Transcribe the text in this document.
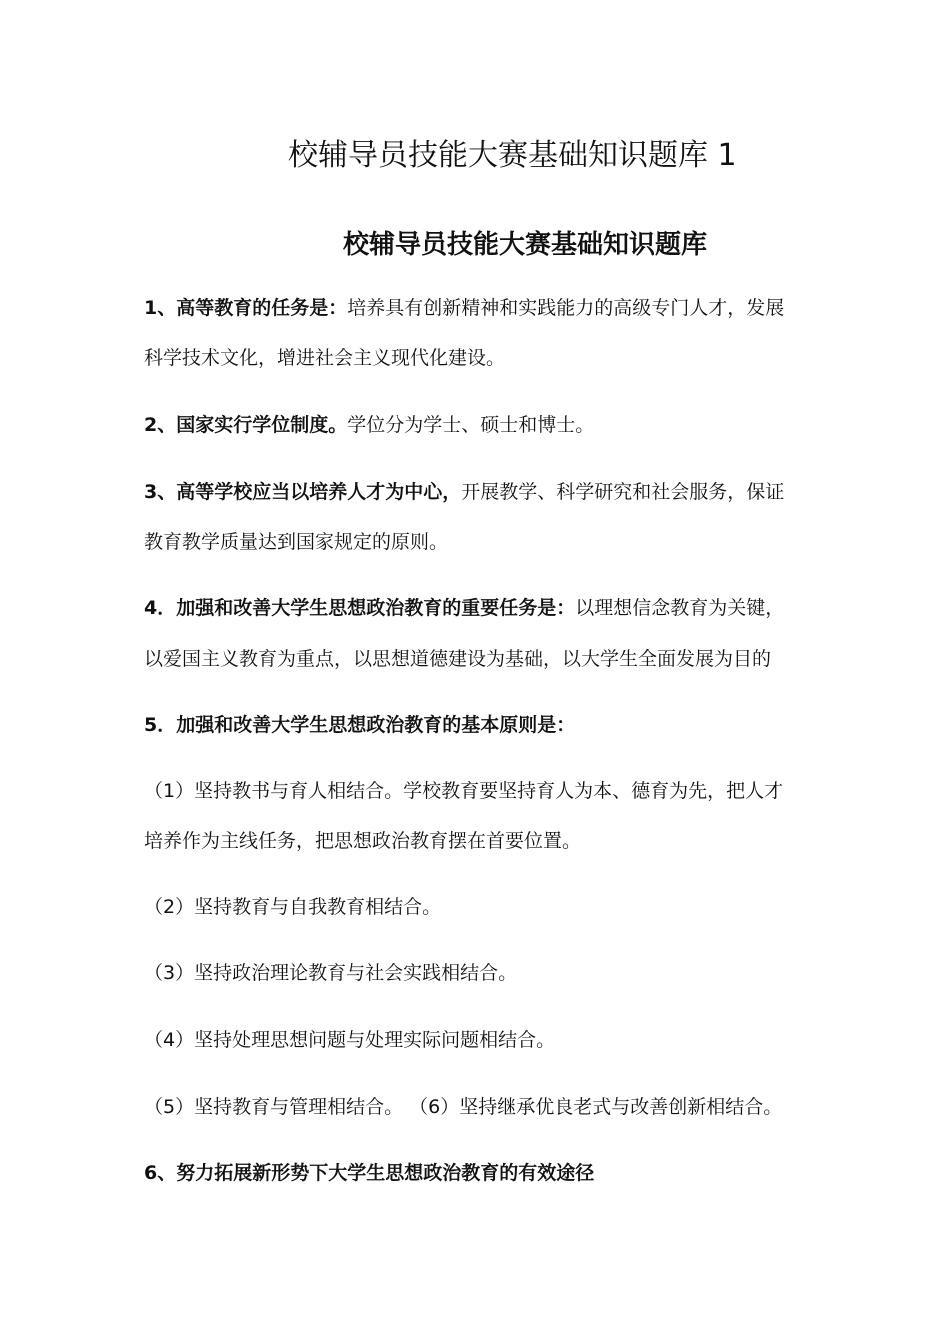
校辅导员技能大赛基础知识题库 1
校辅导员技能大赛基础知识题库

1、高等教育的任务是：培养具有创新精神和实践能力的高级专门人才，发展

科学技术文化，增进社会主义现代化建设。

2、国家实行学位制度。学位分为学士、硕士和博士。

3、高等学校应当以培养人才为中心，开展教学、科学研究和社会服务，保证

教育教学质量达到国家规定的原则。

4．加强和改善大学生思想政治教育的重要任务是：以理想信念教育为关键，

以爱国主义教育为重点，以思想道德建设为基础，以大学生全面发展为目的

5．加强和改善大学生思想政治教育的基本原则是：

（1）坚持教书与育人相结合。学校教育要坚持育人为本、德育为先，把人才

培养作为主线任务，把思想政治教育摆在首要位置。

（2）坚持教育与自我教育相结合。

（3）坚持政治理论教育与社会实践相结合。

（4）坚持处理思想问题与处理实际问题相结合。

（5）坚持教育与管理相结合。 （6）坚持继承优良老式与改善创新相结合。

6、努力拓展新形势下大学生思想政治教育的有效途径
